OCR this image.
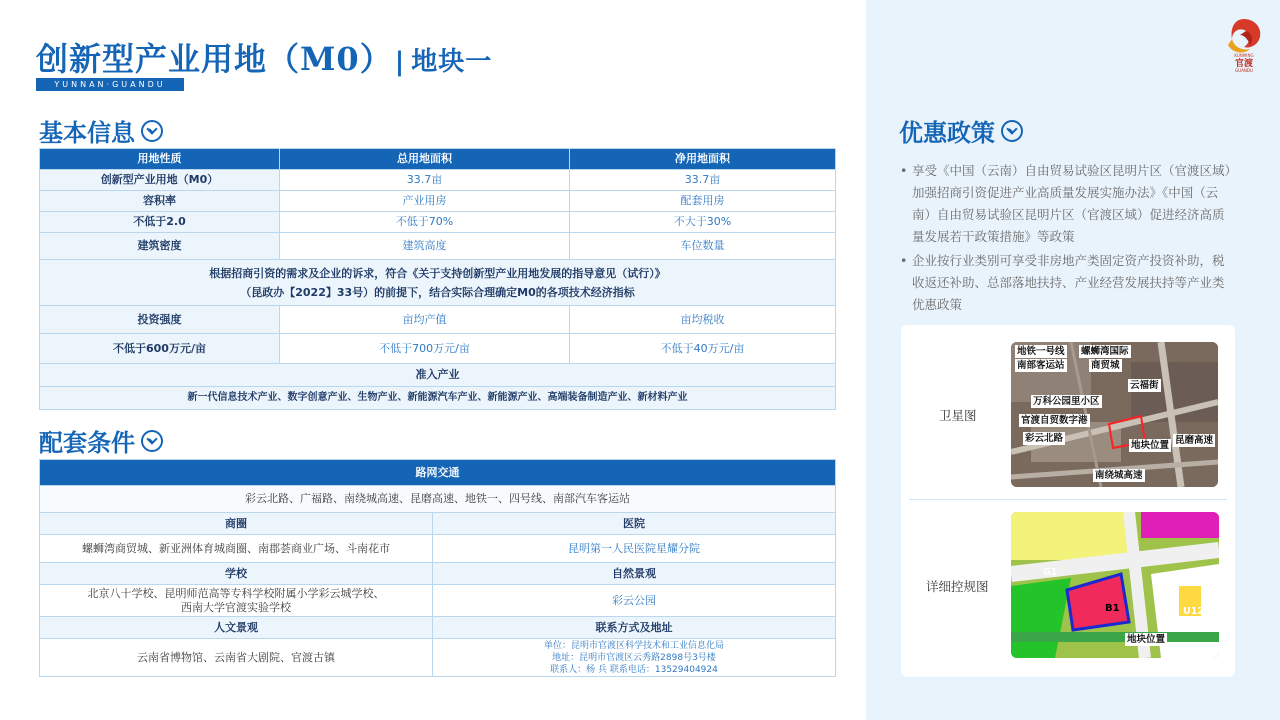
创新型产业用地（M0）| 地块一
YUNNAN·GUANDU
KUNMING
官渡
GUANDU
基本信息
配套条件
优惠政策
用地性质	总用地面积	净用地面积
创新型产业用地（M0）	33.7亩	33.7亩
容积率	产业用房	配套用房
不低于2.0	不低于70%	不大于30%
建筑密度	建筑高度	车位数量

根据招商引资的需求及企业的诉求，符合《关于支持创新型产业用地发展的指导意见（试行）》
（昆政办【2022】33号）的前提下，结合实际合理确定M0的各项技术经济指标		

投资强度	亩均产值	亩均税收
不低于600万元/亩	不低于700万元/亩	不低于40万元/亩
准入产业		
新一代信息技术产业、数字创意产业、生物产业、新能源汽车产业、新能源产业、高端装备制造产业、新材料产业		
路网交通	
彩云北路、广福路、南绕城高速、昆磨高速、地铁一、四号线、南部汽车客运站	
商圈	医院
螺蛳湾商贸城、新亚洲体育城商圈、南郡荟商业广场、斗南花市	昆明第一人民医院星耀分院
学校	自然景观

北京八十学校、昆明师范高等专科学校附属小学彩云城学校、
西南大学官渡实验学校	彩云公园
人文景观	联系方式及地址
云南省博物馆、云南省大剧院、官渡古镇	单位：昆明市官渡区科学技术和工业信息化局
地址：昆明市官渡区云秀路2898号3号楼
联系人：杨 兵 联系电话：13529404924
• 享受《中国（云南）自由贸易试验区昆明片区（官渡区域）加强招商引资促进产业高质量发展实施办法》《中国（云南）自由贸易试验区昆明片区（官渡区域）促进经济高质量发展若干政策措施》等政策
• 企业按行业类别可享受非房地产类固定资产投资补助，税收返还补助、总部落地扶持、产业经营发展扶持等产业类优惠政策
卫星图
详细控规图
地铁一号线
南部客运站
螺蛳湾国际
商贸城
云福街
万科公园里小区
官渡自贸数字港
彩云北路
地块位置 昆磨高速
南绕城高速
B1
地块位置
G1
U12
G2
